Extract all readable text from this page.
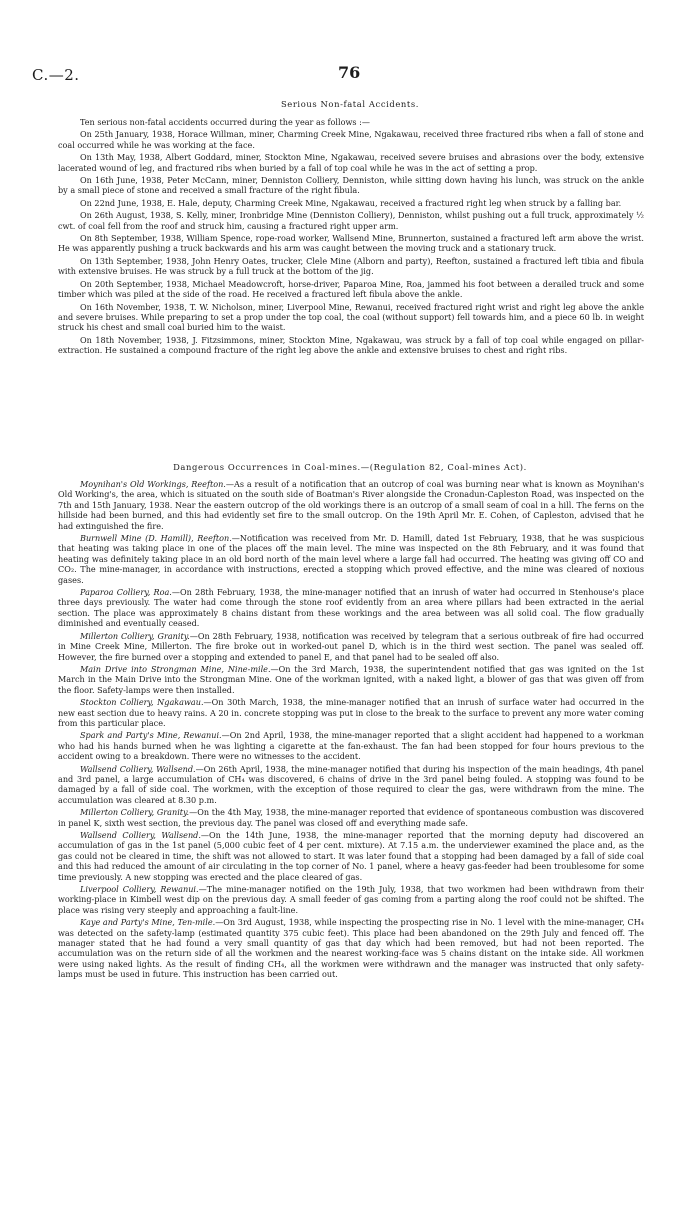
C.—2.	76
Serious Non-fatal Accidents.

Ten serious non-fatal accidents occurred during the year as follows :—

On 25th January, 1938, Horace Willman, miner, Charming Creek Mine, Ngakawau, received three fractured ribs when a fall of stone and coal occurred while he was working at the face.

On 13th May, 1938, Albert Goddard, miner, Stockton Mine, Ngakawau, received severe bruises and abrasions over the body, extensive lacerated wound of leg, and fractured ribs when buried by a fall of top coal while he was in the act of setting a prop.

On 16th June, 1938, Peter McCann, miner, Denniston Colliery, Denniston, while sitting down having his lunch, was struck on the ankle by a small piece of stone and received a small fracture of the right fibula.

On 22nd June, 1938, E. Hale, deputy, Charming Creek Mine, Ngakawau, received a fractured right leg when struck by a falling bar.

On 26th August, 1938, S. Kelly, miner, Ironbridge Mine (Denniston Colliery), Denniston, whilst pushing out a full truck, approximately ½ cwt. of coal fell from the roof and struck him, causing a fractured right upper arm.

On 8th September, 1938, William Spence, rope-road worker, Wallsend Mine, Brunnerton, sustained a fractured left arm above the wrist. He was apparently pushing a truck backwards and his arm was caught between the moving truck and a stationary truck.

On 13th September, 1938, John Henry Oates, trucker, Clele Mine (Alborn and party), Reefton, sustained a fractured left tibia and fibula with extensive bruises. He was struck by a full truck at the bottom of the jig.

On 20th September, 1938, Michael Meadowcroft, horse-driver, Paparoa Mine, Roa, jammed his foot between a derailed truck and some timber which was piled at the side of the road. He received a fractured left fibula above the ankle.

On 16th November, 1938, T. W. Nicholson, miner, Liverpool Mine, Rewanui, received fractured right wrist and right leg above the ankle and severe bruises. While preparing to set a prop under the top coal, the coal (without support) fell towards him, and a piece 60 lb. in weight struck his chest and small coal buried him to the waist.

On 18th November, 1938, J. Fitzsimmons, miner, Stockton Mine, Ngakawau, was struck by a fall of top coal while engaged on pillar-extraction. He sustained a compound fracture of the right leg above the ankle and extensive bruises to chest and right ribs.

Dangerous Occurrences in Coal-mines.—(Regulation 82, Coal-mines Act).

Moynihan's Old Workings, Reefton.—As a result of a notification that an outcrop of coal was burning near what is known as Moynihan's Old Working's, the area, which is situated on the south side of Boatman's River alongside the Cronadun-Capleston Road, was inspected on the 7th and 15th January, 1938. Near the eastern outcrop of the old workings there is an outcrop of a small seam of coal in a hill. The ferns on the hillside had been burned, and this had evidently set fire to the small outcrop. On the 19th April Mr. E. Cohen, of Capleston, advised that he had extinguished the fire.

Burnwell Mine (D. Hamill), Reefton.—Notification was received from Mr. D. Hamill, dated 1st February, 1938, that he was suspicious that heating was taking place in one of the places off the main level. The mine was inspected on the 8th February, and it was found that heating was definitely taking place in an old bord north of the main level where a large fall had occurred. The heating was giving off CO and CO₂. The mine-manager, in accordance with instructions, erected a stopping which proved effective, and the mine was cleared of noxious gases.

Paparoa Colliery, Roa.—On 28th February, 1938, the mine-manager notified that an inrush of water had occurred in Stenhouse's place three days previously. The water had come through the stone roof evidently from an area where pillars had been extracted in the aerial section. The place was approximately 8 chains distant from these workings and the area between was all solid coal. The flow gradually diminished and eventually ceased.

Millerton Colliery, Granity.—On 28th February, 1938, notification was received by telegram that a serious outbreak of fire had occurred in Mine Creek Mine, Millerton. The fire broke out in worked-out panel D, which is in the third west section. The panel was sealed off. However, the fire burned over a stopping and extended to panel E, and that panel had to be sealed off also.

Main Drive into Strongman Mine, Nine-mile.—On the 3rd March, 1938, the superintendent notified that gas was ignited on the 1st March in the Main Drive into the Strongman Mine. One of the workman ignited, with a naked light, a blower of gas that was given off from the floor. Safety-lamps were then installed.

Stockton Colliery, Ngakawau.—On 30th March, 1938, the mine-manager notified that an inrush of surface water had occurred in the new east section due to heavy rains. A 20 in. concrete stopping was put in close to the break to the surface to prevent any more water coming from this particular place.

Spark and Party's Mine, Rewanui.—On 2nd April, 1938, the mine-manager reported that a slight accident had happened to a workman who had his hands burned when he was lighting a cigarette at the fan-exhaust. The fan had been stopped for four hours previous to the accident owing to a breakdown. There were no witnesses to the accident.

Wallsend Colliery, Wallsend.—On 26th April, 1938, the mine-manager notified that during his inspection of the main headings, 4th panel and 3rd panel, a large accumulation of CH₄ was discovered, 6 chains of drive in the 3rd panel being fouled. A stopping was found to be damaged by a fall of side coal. The workmen, with the exception of those required to clear the gas, were withdrawn from the mine. The accumulation was cleared at 8.30 p.m.

Millerton Colliery, Granity.—On the 4th May, 1938, the mine-manager reported that evidence of spontaneous combustion was discovered in panel K, sixth west section, the previous day. The panel was closed off and everything made safe.

Wallsend Colliery, Wallsend.—On the 14th June, 1938, the mine-manager reported that the morning deputy had discovered an accumulation of gas in the 1st panel (5,000 cubic feet of 4 per cent. mixture). At 7.15 a.m. the underviewer examined the place and, as the gas could not be cleared in time, the shift was not allowed to start. It was later found that a stopping had been damaged by a fall of side coal and this had reduced the amount of air circulating in the top corner of No. 1 panel, where a heavy gas-feeder had been troublesome for some time previously. A new stopping was erected and the place cleared of gas.

Liverpool Colliery, Rewanui.—The mine-manager notified on the 19th July, 1938, that two workmen had been withdrawn from their working-place in Kimbell west dip on the previous day. A small feeder of gas coming from a parting along the roof could not be shifted. The place was rising very steeply and approaching a fault-line.

Kaye and Party's Mine, Ten-mile.—On 3rd August, 1938, while inspecting the prospecting rise in No. 1 level with the mine-manager, CH₄ was detected on the safety-lamp (estimated quantity 375 cubic feet). This place had been abandoned on the 29th July and fenced off. The manager stated that he had found a very small quantity of gas that day which had been removed, but had not been reported. The accumulation was on the return side of all the workmen and the nearest working-face was 5 chains distant on the intake side. All workmen were using naked lights. As the result of finding CH₄, all the workmen were withdrawn and the manager was instructed that only safety-lamps must be used in future. This instruction has been carried out.
